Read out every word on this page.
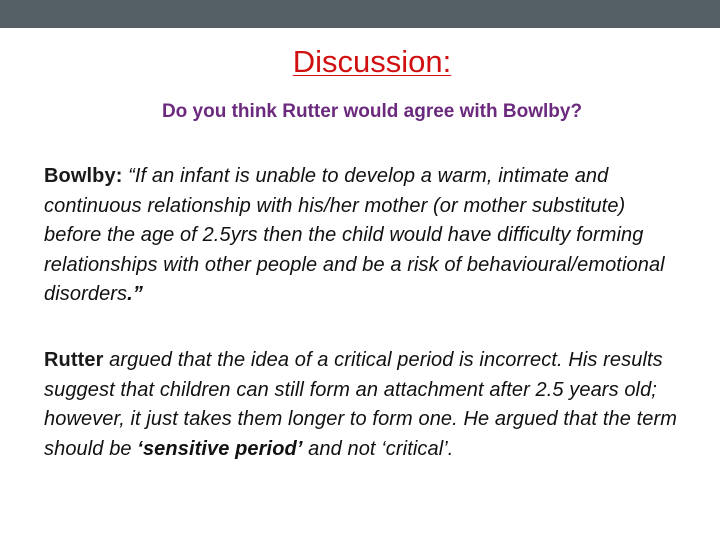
Discussion:
Do you think Rutter would agree with Bowlby?

Bowlby: “If an infant is unable to develop a warm, intimate and continuous relationship with his/her mother (or mother substitute) before the age of 2.5yrs then the child would have difficulty forming relationships with other people and be a risk of behavioural/emotional disorders.”

Rutter argued that the idea of a critical period is incorrect. His results suggest that children can still form an attachment after 2.5 years old; however, it just takes them longer to form one. He argued that the term should be ‘sensitive period’ and not ‘critical’.
